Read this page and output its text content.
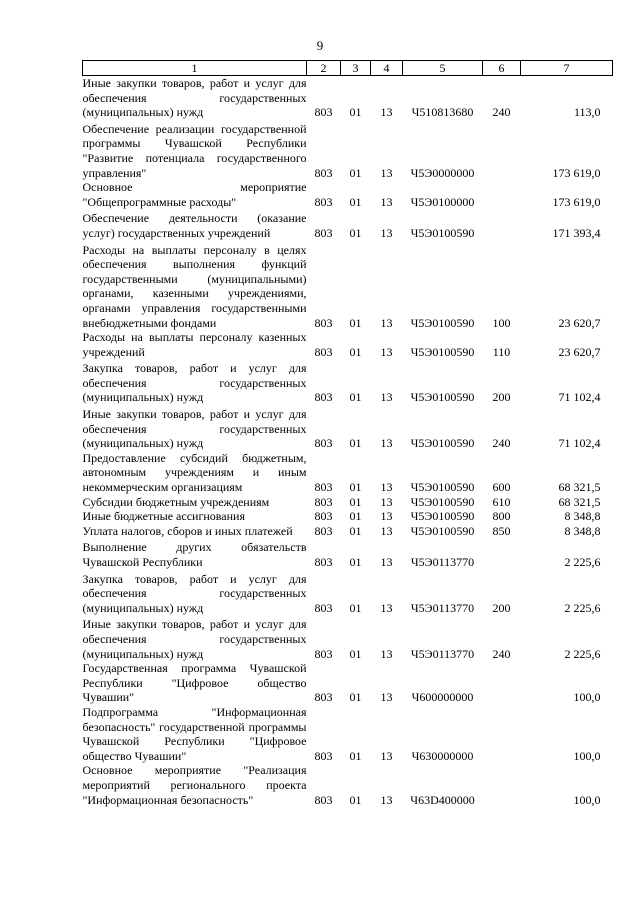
9
1	2	3	4	5	6	7
Иные закупки товаров, работ и услуг для обеспечения государственных (муниципальных) нужд	803	01	13	Ч510813680	240	113,0
Обеспечение реализации государственной программы Чувашской Республики "Развитие потенциала государственного управления"	803	01	13	Ч5Э0000000		173 619,0
Основное мероприятие "Общепрограммные расходы"	803	01	13	Ч5Э0100000		173 619,0
Обеспечение деятельности (оказание услуг) государственных учреждений	803	01	13	Ч5Э0100590		171 393,4
Расходы на выплаты персоналу в целях обеспечения выполнения функций государственными (муниципальными) органами, казенными учреждениями, органами управления государственными внебюджетными фондами	803	01	13	Ч5Э0100590	100	23 620,7
Расходы на выплаты персоналу казенных учреждений	803	01	13	Ч5Э0100590	110	23 620,7
Закупка товаров, работ и услуг для обеспечения государственных (муниципальных) нужд	803	01	13	Ч5Э0100590	200	71 102,4
Иные закупки товаров, работ и услуг для обеспечения государственных (муниципальных) нужд	803	01	13	Ч5Э0100590	240	71 102,4
Предоставление субсидий бюджетным, автономным учреждениям и иным некоммерческим организациям	803	01	13	Ч5Э0100590	600	68 321,5
Субсидии бюджетным учреждениям	803	01	13	Ч5Э0100590	610	68 321,5
Иные бюджетные ассигнования	803	01	13	Ч5Э0100590	800	8 348,8
Уплата налогов, сборов и иных платежей	803	01	13	Ч5Э0100590	850	8 348,8
Выполнение других обязательств Чувашской Республики	803	01	13	Ч5Э0113770		2 225,6
Закупка товаров, работ и услуг для обеспечения государственных (муниципальных) нужд	803	01	13	Ч5Э0113770	200	2 225,6
Иные закупки товаров, работ и услуг для обеспечения государственных (муниципальных) нужд	803	01	13	Ч5Э0113770	240	2 225,6
Государственная программа Чувашской Республики "Цифровое общество Чувашии"	803	01	13	Ч600000000		100,0
Подпрограмма "Информационная безопасность" государственной программы Чувашской Республики "Цифровое общество Чувашии"	803	01	13	Ч630000000		100,0
Основное мероприятие "Реализация мероприятий регионального проекта "Информационная безопасность"	803	01	13	Ч63D400000		100,0
